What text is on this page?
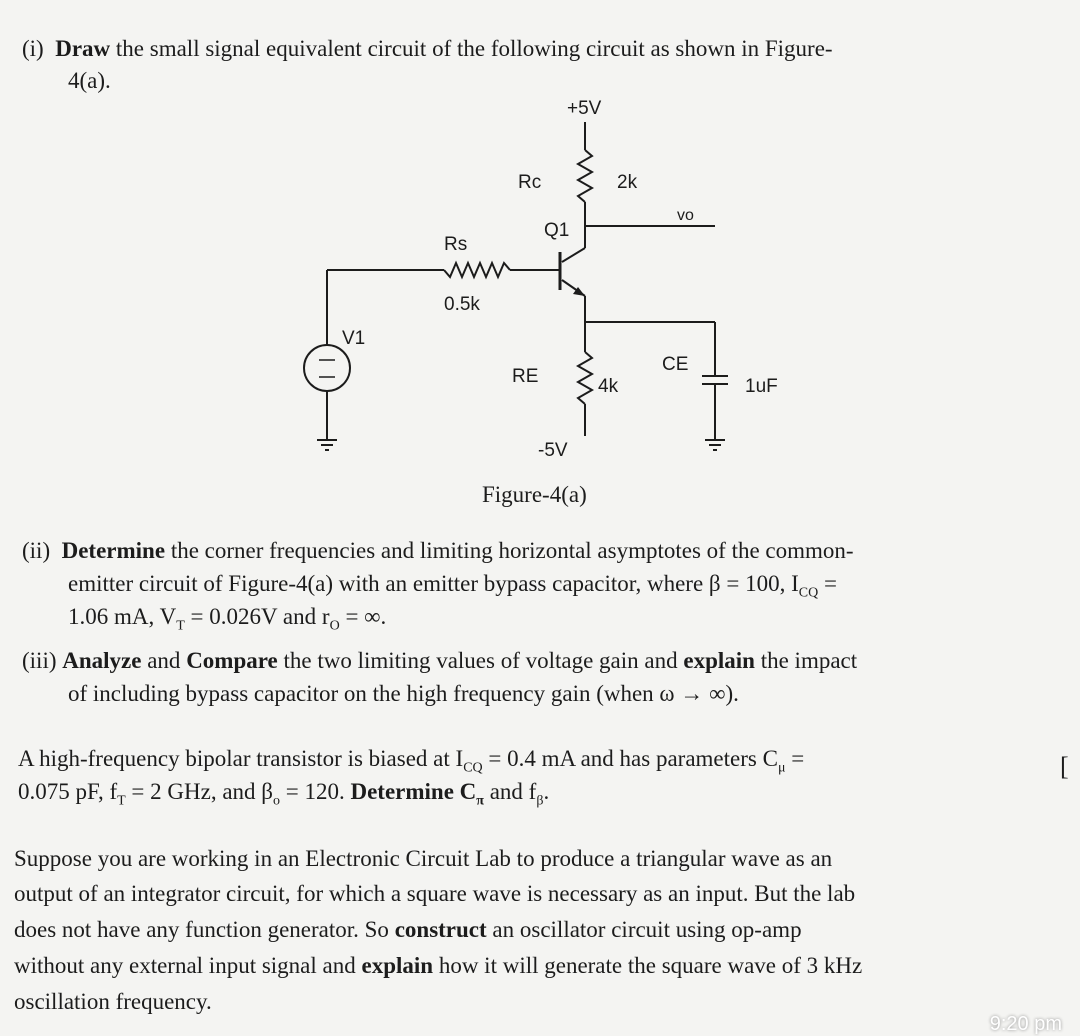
(i) Draw the small signal equivalent circuit of the following circuit as shown in Figure-
4(a).
+5V
Rc	2k
Q1
vo
Rs
0.5k
V1
RE	4k
CE
1uF
-5V
Figure-4(a)
(ii) Determine the corner frequencies and limiting horizontal asymptotes of the common-
emitter circuit of Figure-4(a) with an emitter bypass capacitor, where β = 100, $I_{CQ}$ =
1.06 mA, $V_T = 0.026V$ and $r_O$ = ∞.
(iii) Analyze and Compare the two limiting values of voltage gain and explain the impact
of including bypass capacitor on the high frequency gain (when ω → ∞).
A high-frequency bipolar transistor is biased at $I_{CQ} = 0.4$ mA and has parameters $C_\mu$ =
0.075 pF, $f_T = 2$ GHz, and $\beta_o = 120$. Determine $C_\pi$ and $f_\beta$.
[
Suppose you are working in an Electronic Circuit Lab to produce a triangular wave as an
output of an integrator circuit, for which a square wave is necessary as an input. But the lab
does not have any function generator. So construct an oscillator circuit using op-amp
without any external input signal and explain how it will generate the square wave of 3 kHz
oscillation frequency.
9:20 pm
